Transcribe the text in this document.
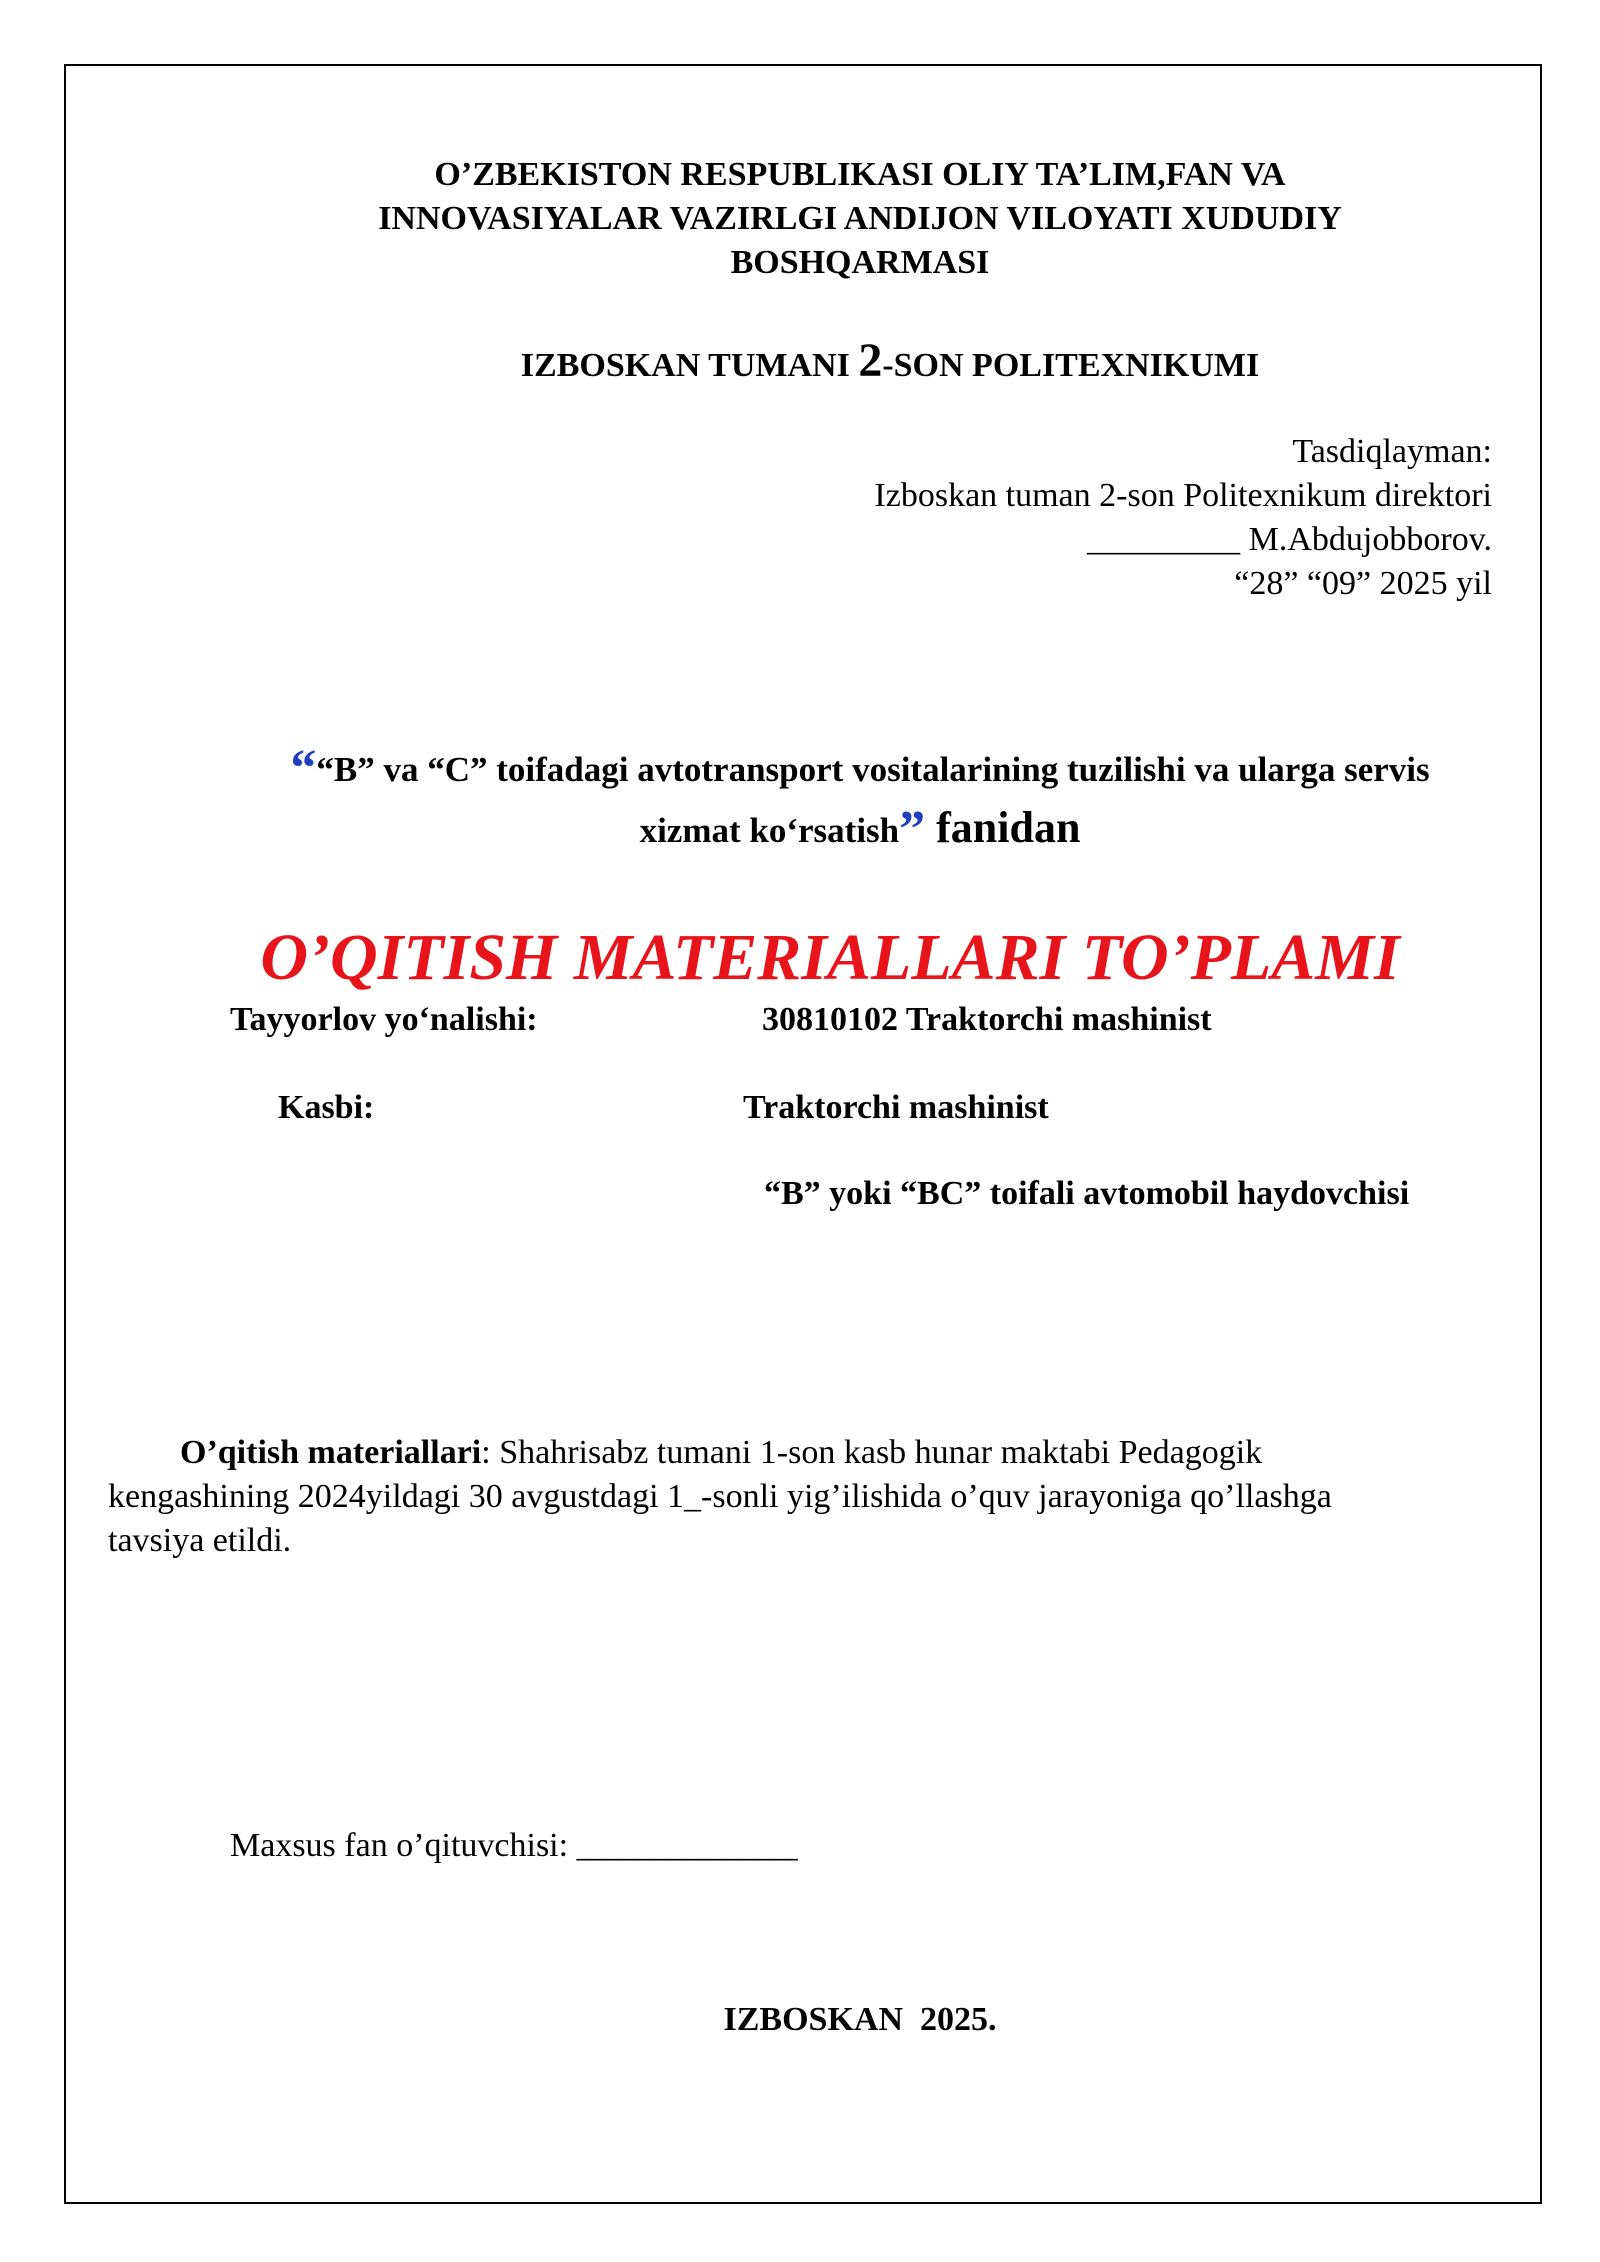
O’ZBEKISTON RESPUBLIKASI OLIY TA’LIM,FAN VA
INNOVASIYALAR VAZIRLGI ANDIJON VILOYATI XUDUDIY
BOSHQARMASI
IZBOSKAN TUMANI 2-SON POLITEXNIKUMI
Tasdiqlayman:
Izboskan tuman 2-son Politexnikum direktori
_________ M.Abdujobborov.
“28” “09” 2025 yil
““B” va “C” toifadagi avtotransport vositalarining tuzilishi va ularga servis
xizmat ko‘rsatish” fanidan
O’QITISH MATERIALLARI TO’PLAMI
Tayyorlov yo‘nalishi:	30810102 Traktorchi mashinist
Kasbi:	Traktorchi mashinist
“B” yoki “BC” toifali avtomobil haydovchisi
O’qitish materiallari: Shahrisabz tumani 1-son kasb hunar maktabi Pedagogik
kengashining 2024yildagi 30 avgustdagi 1_-sonli yig’ilishida o’quv jarayoniga qo’llashga
tavsiya etildi.
Maxsus fan o’qituvchisi: _____________
IZBOSKAN  2025.
